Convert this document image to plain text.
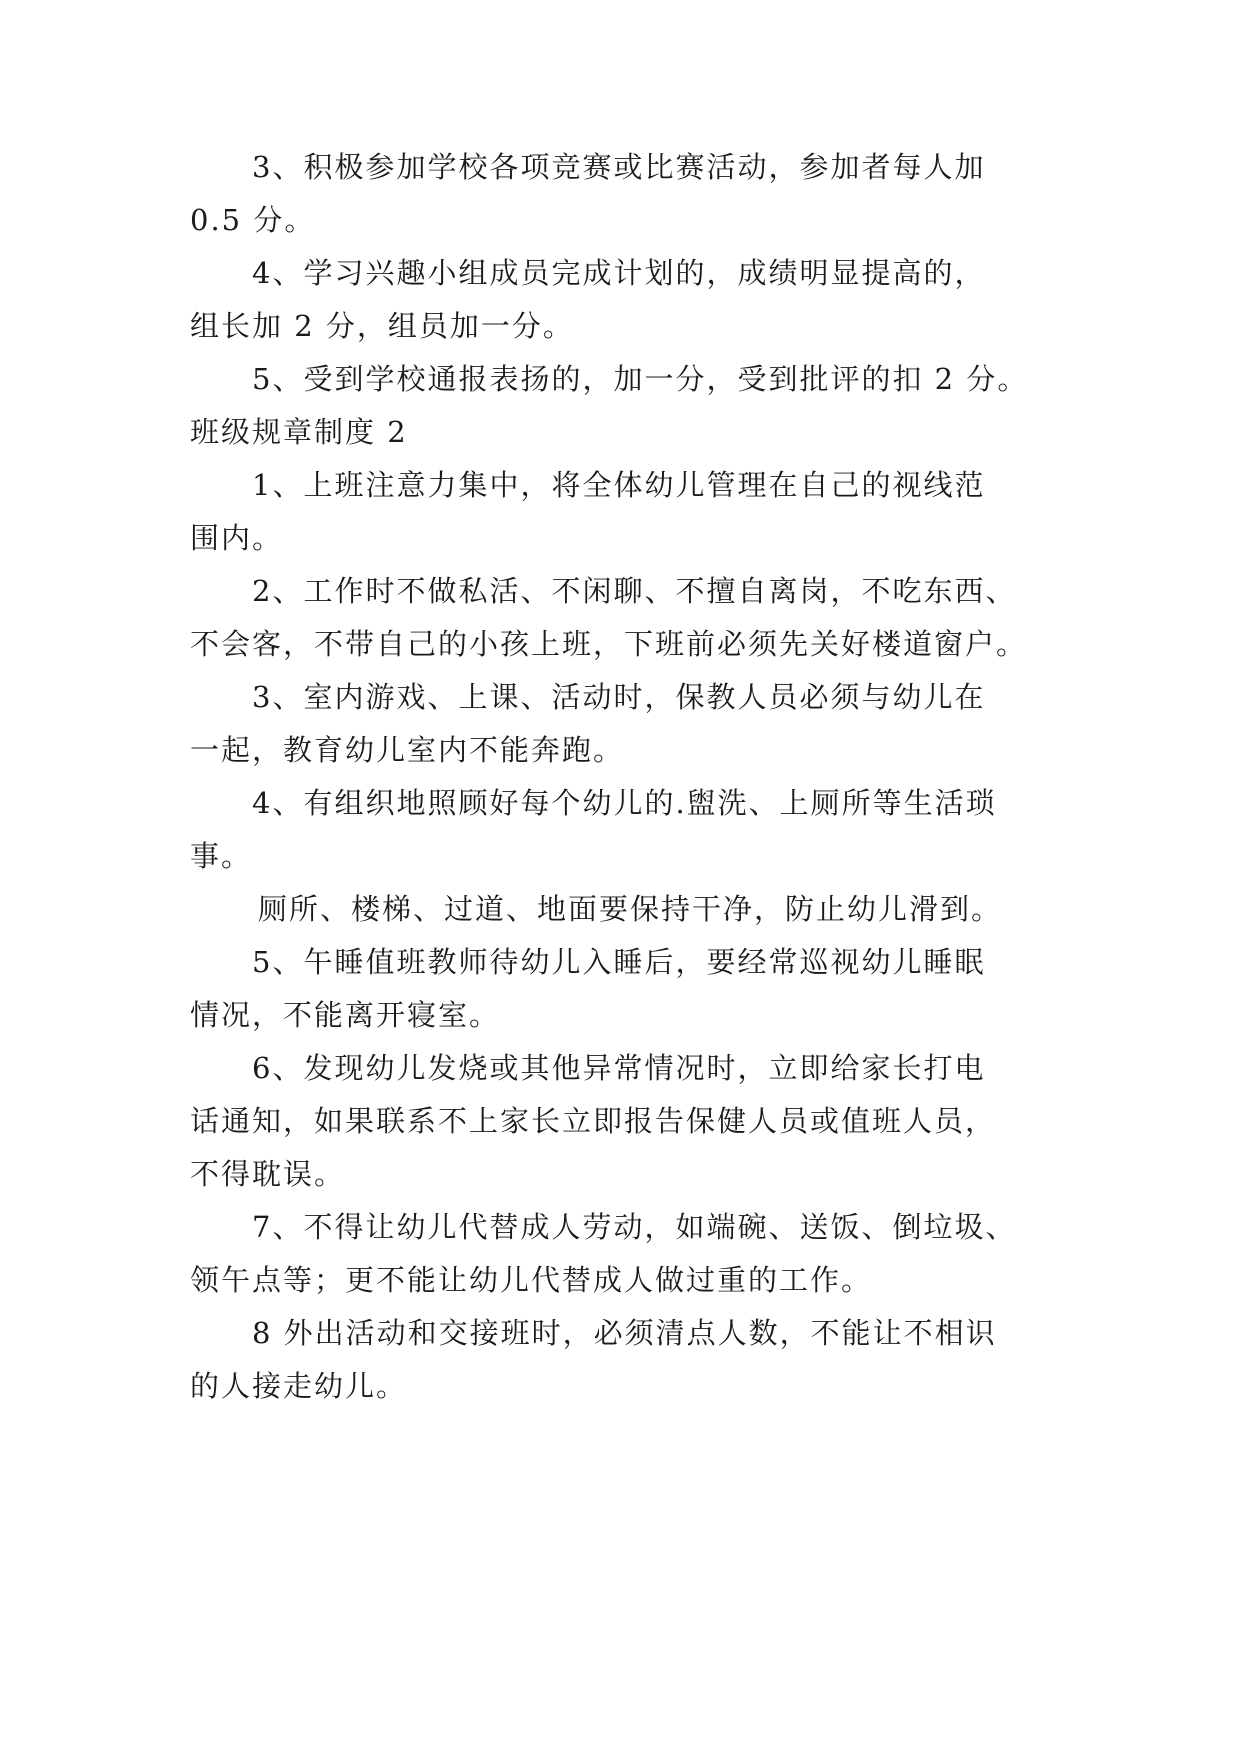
3、积极参加学校各项竞赛或比赛活动，参加者每人加
0.5 分。
4、学习兴趣小组成员完成计划的，成绩明显提高的，
组长加 2 分，组员加一分。
5、受到学校通报表扬的，加一分，受到批评的扣 2 分。
班级规章制度 2
1、上班注意力集中，将全体幼儿管理在自己的视线范
围内。
2、工作时不做私活、不闲聊、不擅自离岗，不吃东西、
不会客，不带自己的小孩上班，下班前必须先关好楼道窗户。
3、室内游戏、上课、活动时，保教人员必须与幼儿在
一起，教育幼儿室内不能奔跑。
4、有组织地照顾好每个幼儿的.盥洗、上厕所等生活琐
事。
厕所、楼梯、过道、地面要保持干净，防止幼儿滑到。
5、午睡值班教师待幼儿入睡后，要经常巡视幼儿睡眠
情况，不能离开寝室。
6、发现幼儿发烧或其他异常情况时，立即给家长打电
话通知，如果联系不上家长立即报告保健人员或值班人员，
不得耽误。
7、不得让幼儿代替成人劳动，如端碗、送饭、倒垃圾、
领午点等；更不能让幼儿代替成人做过重的工作。
8 外出活动和交接班时，必须清点人数，不能让不相识
的人接走幼儿。
